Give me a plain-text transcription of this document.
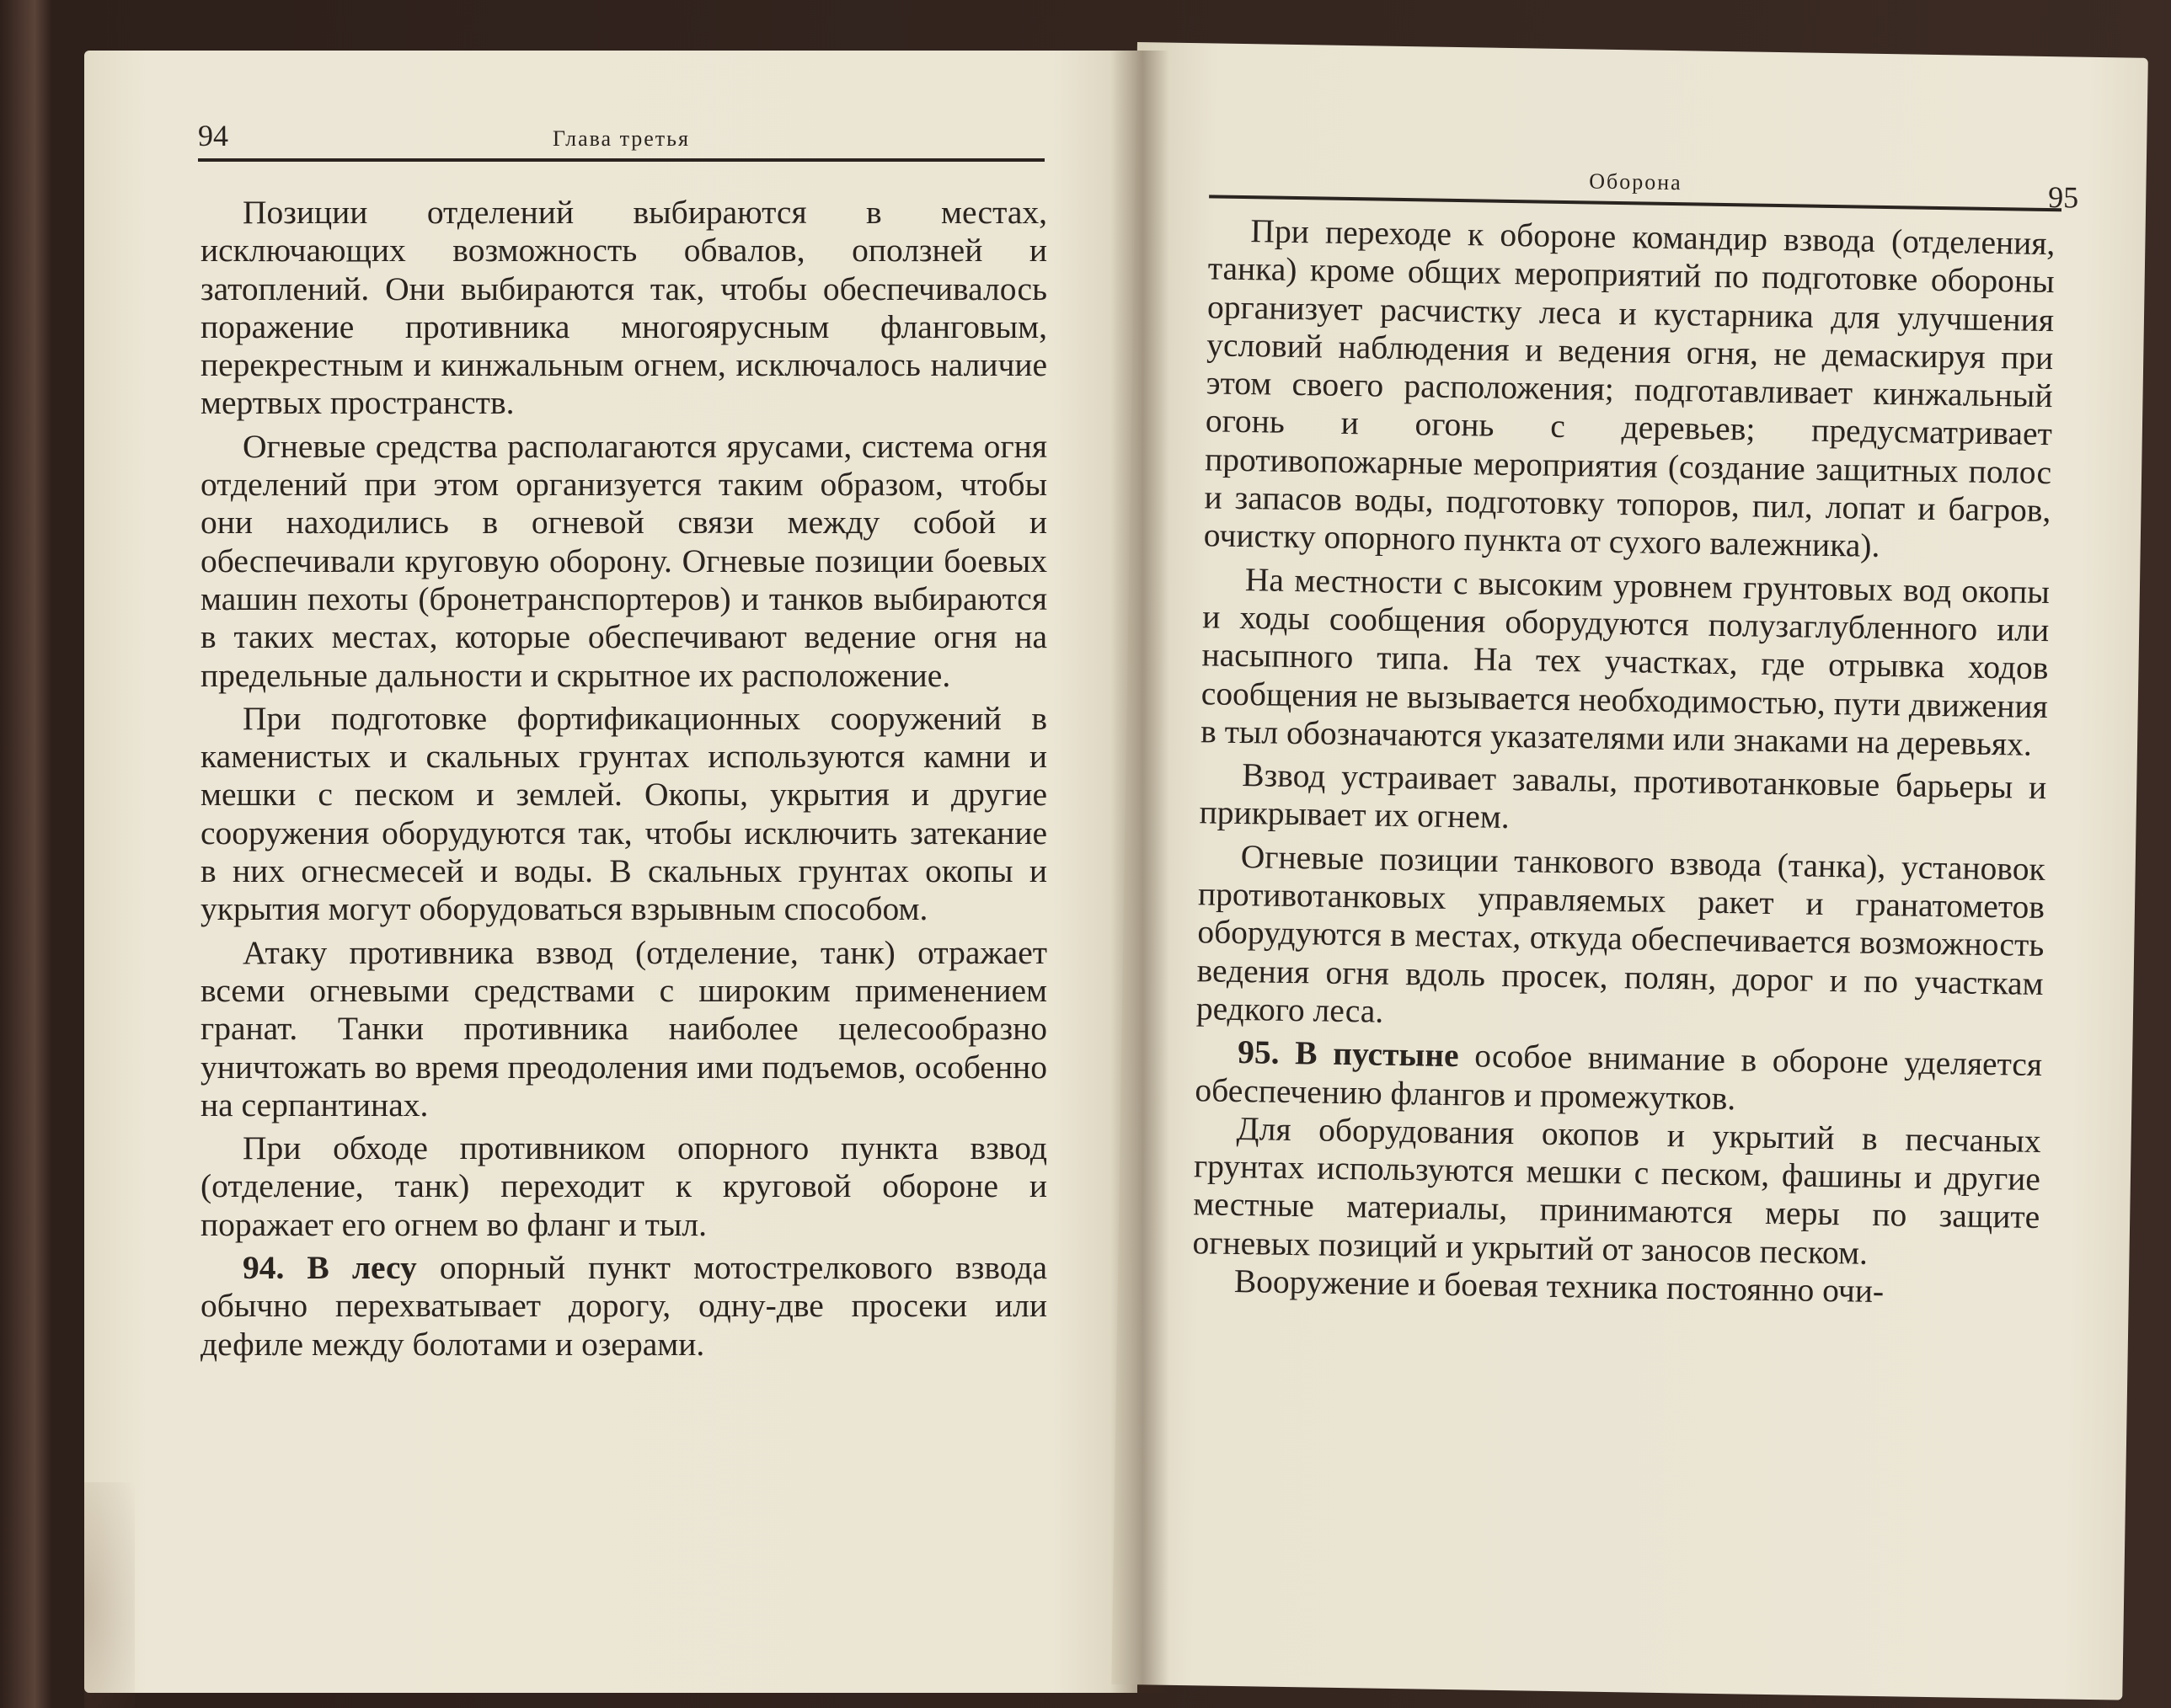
94	Глава третья

Позиции отделений выбираются в местах, исключающих возможность обвалов, оползней и затоплений. Они выбираются так, чтобы обеспечивалось поражение противника многоярусным фланговым, перекрестным и кинжальным огнем, исключалось наличие мертвых пространств.

Огневые средства располагаются ярусами, система огня отделений при этом организуется таким образом, чтобы они находились в огневой связи между собой и обеспечивали круговую оборону. Огневые позиции боевых машин пехоты (бронетранспортеров) и танков выбираются в таких местах, которые обеспечивают ведение огня на предельные дальности и скрытное их расположение.

При подготовке фортификационных сооружений в каменистых и скальных грунтах используются камни и мешки с песком и землей. Окопы, укрытия и другие сооружения оборудуются так, чтобы исключить затекание в них огнесмесей и воды. В скальных грунтах окопы и укрытия могут оборудоваться взрывным способом.

Атаку противника взвод (отделение, танк) отражает всеми огневыми средствами с широким применением гранат. Танки противника наиболее целесообразно уничтожать во время преодоления ими подъемов, особенно на серпантинах.

При обходе противником опорного пункта взвод (отделение, танк) переходит к круговой обороне и поражает его огнем во фланг и тыл.

94. В лесу опорный пункт мотострелкового взвода обычно перехватывает дорогу, одну-две просеки или дефиле между болотами и озерами.

Оборона	95

При переходе к обороне командир взвода (отделения, танка) кроме общих мероприятий по подготовке обороны организует расчистку леса и кустарника для улучшения условий наблюдения и ведения огня, не демаскируя при этом своего расположения; подготавливает кинжальный огонь и огонь с деревьев; предусматривает противопожарные мероприятия (создание защитных полос и запасов воды, подготовку топоров, пил, лопат и багров, очистку опорного пункта от сухого валежника).

На местности с высоким уровнем грунтовых вод окопы и ходы сообщения оборудуются полузаглубленного или насыпного типа. На тех участках, где отрывка ходов сообщения не вызывается необходимостью, пути движения в тыл обозначаются указателями или знаками на деревьях.

Взвод устраивает завалы, противотанковые барьеры и прикрывает их огнем.

Огневые позиции танкового взвода (танка), установок противотанковых управляемых ракет и гранатометов оборудуются в местах, откуда обеспечивается возможность ведения огня вдоль просек, полян, дорог и по участкам редкого леса.

95. В пустыне особое внимание в обороне уделяется обеспечению флангов и промежутков.

Для оборудования окопов и укрытий в песчаных грунтах используются мешки с песком, фашины и другие местные материалы, принимаются меры по защите огневых позиций и укрытий от заносов песком.

Вооружение и боевая техника постоянно очи-
